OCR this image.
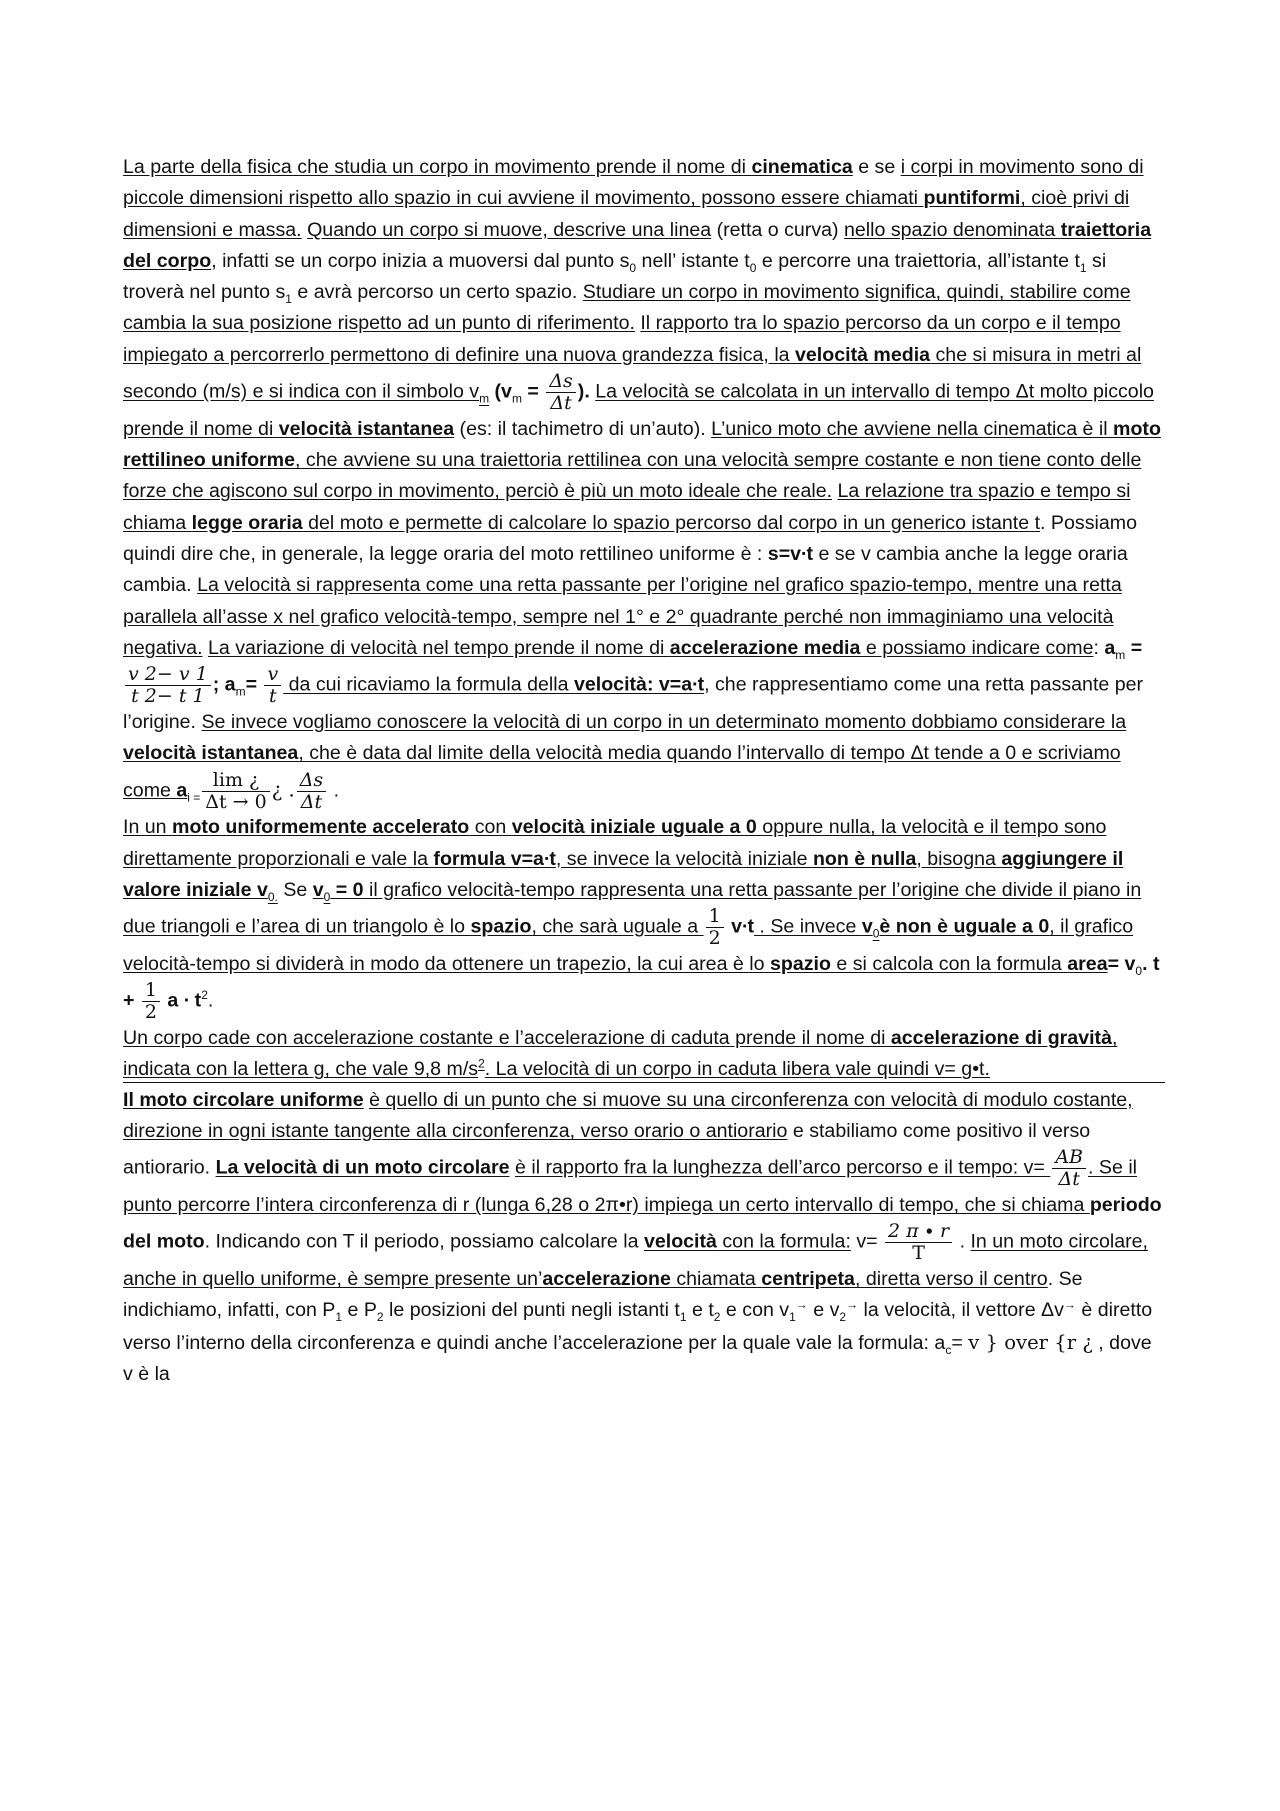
La parte della fisica che studia un corpo in movimento prende il nome di cinematica e se i corpi in movimento sono di piccole dimensioni rispetto allo spazio in cui avviene il movimento, possono essere chiamati puntiformi, cioè privi di dimensioni e massa. Quando un corpo si muove, descrive una linea (retta o curva) nello spazio denominata traiettoria del corpo, infatti se un corpo inizia a muoversi dal punto $s_0$ nell’ istante $t_0$ e percorre una traiettoria, all’istante $t_1$ si troverà nel punto $s_1$ e avrà percorso un certo spazio. Studiare un corpo in movimento significa, quindi, stabilire come cambia la sua posizione rispetto ad un punto di riferimento. Il rapporto tra lo spazio percorso da un corpo e il tempo impiegato a percorrerlo permettono di definire una nuova grandezza fisica, la velocità media che si misura in metri al secondo (m/s) e si indica con il simbolo $v_m$ ($v_m = \frac{\Delta s}{\Delta t}$ ). La velocità se calcolata in un intervallo di tempo Δt molto piccolo prende il nome di velocità istantanea (es: il tachimetro di un’auto). L’unico moto che avviene nella cinematica è il moto rettilineo uniforme, che avviene su una traiettoria rettilinea con una velocità sempre costante e non tiene conto delle forze che agiscono sul corpo in movimento, perciò è più un moto ideale che reale. La relazione tra spazio e tempo si chiama legge oraria del moto e permette di calcolare lo spazio percorso dal corpo in un generico istante t. Possiamo quindi dire che, in generale, la legge oraria del moto rettilineo uniforme è : s=v∙t e se v cambia anche la legge oraria cambia. La velocità si rappresenta come una retta passante per l’origine nel grafico spazio-tempo, mentre una retta parallela all’asse x nel grafico velocità-tempo, sempre nel 1° e 2° quadrante perché non immaginiamo una velocità negativa. La variazione di velocità nel tempo prende il nome di accelerazione media e possiamo indicare come: $a_m$ =
$\frac{v 2- v 1}{t 2- t 1}$ ; $a_m= \frac{v}{t}$ da cui ricaviamo la formula della velocità: v=a∙t, che rappresentiamo come una retta passante per l’origine. Se invece vogliamo conoscere la velocità di un corpo in un determinato momento dobbiamo considerare la velocità istantanea, che è data dal limite della velocità media quando l’intervallo di tempo Δt tende a 0 e scriviamo come $a_{i =} \frac{\lim ¿}{\Delta t \to 0}$ ¿ . $\frac{\Delta s}{\Delta t}$ .

In un moto uniformemente accelerato con velocità iniziale uguale a 0 oppure nulla, la velocità e il tempo sono direttamente proporzionali e vale la formula v=a∙t, se invece la velocità iniziale non è nulla, bisogna aggiungere il valore iniziale $v_{0.}$ Se $v_0 = 0$ il grafico velocità-tempo rappresenta una retta passante per l’origine che divide il piano in due triangoli e l’area di un triangolo è lo spazio, che sarà uguale a $\frac{1}{2} v\cdot t$ . Se invece $v_0è$ non è uguale a 0, il grafico velocità-tempo si dividerà in modo da ottenere un trapezio, la cui area è lo spazio e si calcola con la formula area= $v_0$. $t + \frac{1}{2}$ $a \cdot t^2$.

Un corpo cade con accelerazione costante e l’accelerazione di caduta prende il nome di accelerazione di gravità, indicata con la lettera g, che vale 9,8 $m/s^2$. La velocità di un corpo in caduta libera vale quindi v= g•t.

Il moto circolare uniforme è quello di un punto che si muove su una circonferenza con velocità di modulo costante, direzione in ogni istante tangente alla circonferenza, verso orario o antiorario e stabiliamo come positivo il verso antiorario. La velocità di un moto circolare è il rapporto fra la lunghezza dell’arco percorso e il tempo: $v= \frac{AB}{\Delta t}$ . Se il punto percorre l’intera circonferenza di r (lunga 6,28 o 2π•r) impiega un certo intervallo di tempo, che si chiama periodo del moto. Indicando con T il periodo, possiamo calcolare la velocità con la formula: $v= \frac{2 \pi \cdot r}{T}$ . In un moto circolare, anche in quello uniforme, è sempre presente un’accelerazione chiamata centripeta, diretta verso il centro. Se indichiamo, infatti, con $P_1$ e $P_2$ le posizioni del punti negli istanti $t_1$ e $t_2$ e con $v_1^\to$ e $v_2^\to$ la velocità, il vettore Δv→ è diretto verso l’interno della circonferenza e quindi anche l’accelerazione per la quale vale la formula: $a_c= v$ } over {r ¿ , dove v è la
